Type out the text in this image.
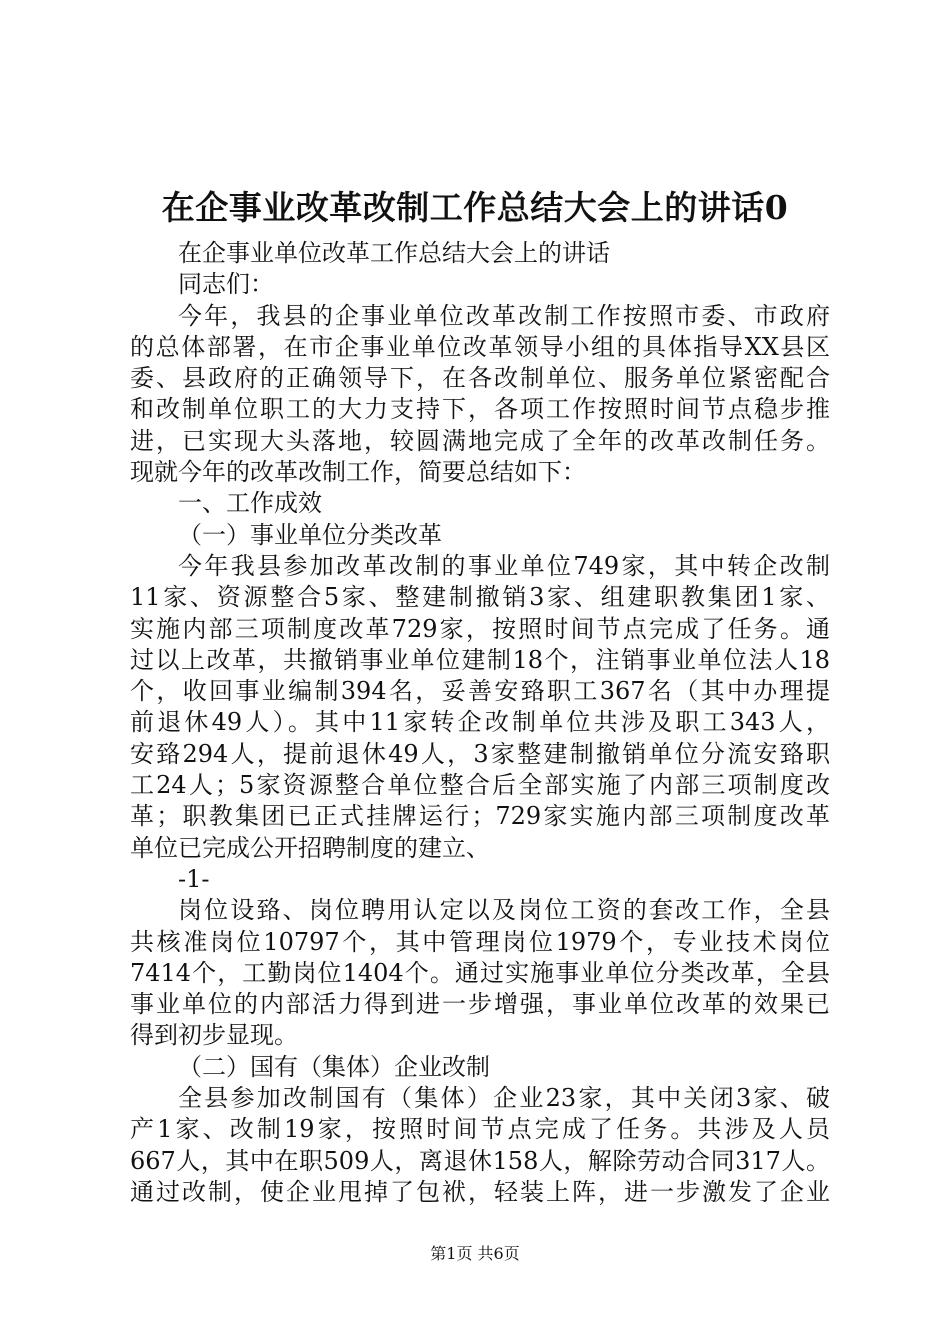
在企事业改革改制工作总结大会上的讲话0
在企事业单位改革工作总结大会上的讲话
同志们：
今年，我县的企事业单位改革改制工作按照市委、市政府
的总体部署，在市企事业单位改革领导小组的具体指导XX县区
委、县政府的正确领导下，在各改制单位、服务单位紧密配合
和改制单位职工的大力支持下，各项工作按照时间节点稳步推
进，已实现大头落地，较圆满地完成了全年的改革改制任务。
现就今年的改革改制工作，简要总结如下：
一、工作成效
（一）事业单位分类改革
今年我县参加改革改制的事业单位749家，其中转企改制
11家、资源整合5家、整建制撤销3家、组建职教集团1家、
实施内部三项制度改革729家，按照时间节点完成了任务。通
过以上改革，共撤销事业单位建制18个，注销事业单位法人18
个，收回事业编制394名，妥善安臵职工367名（其中办理提
前退休49人）。其中11家转企改制单位共涉及职工343人，
安臵294人，提前退休49人，3家整建制撤销单位分流安臵职
工24人；5家资源整合单位整合后全部实施了内部三项制度改
革；职教集团已正式挂牌运行；729家实施内部三项制度改革
单位已完成公开招聘制度的建立、
-1-
岗位设臵、岗位聘用认定以及岗位工资的套改工作，全县
共核准岗位10797个，其中管理岗位1979个，专业技术岗位
7414个，工勤岗位1404个。通过实施事业单位分类改革，全县
事业单位的内部活力得到进一步增强，事业单位改革的效果已
得到初步显现。
（二）国有（集体）企业改制
全县参加改制国有（集体）企业23家，其中关闭3家、破
产1家、改制19家，按照时间节点完成了任务。共涉及人员
667人，其中在职509人，离退休158人，解除劳动合同317人。
通过改制，使企业甩掉了包袱，轻装上阵，进一步激发了企业
第1页 共6页
